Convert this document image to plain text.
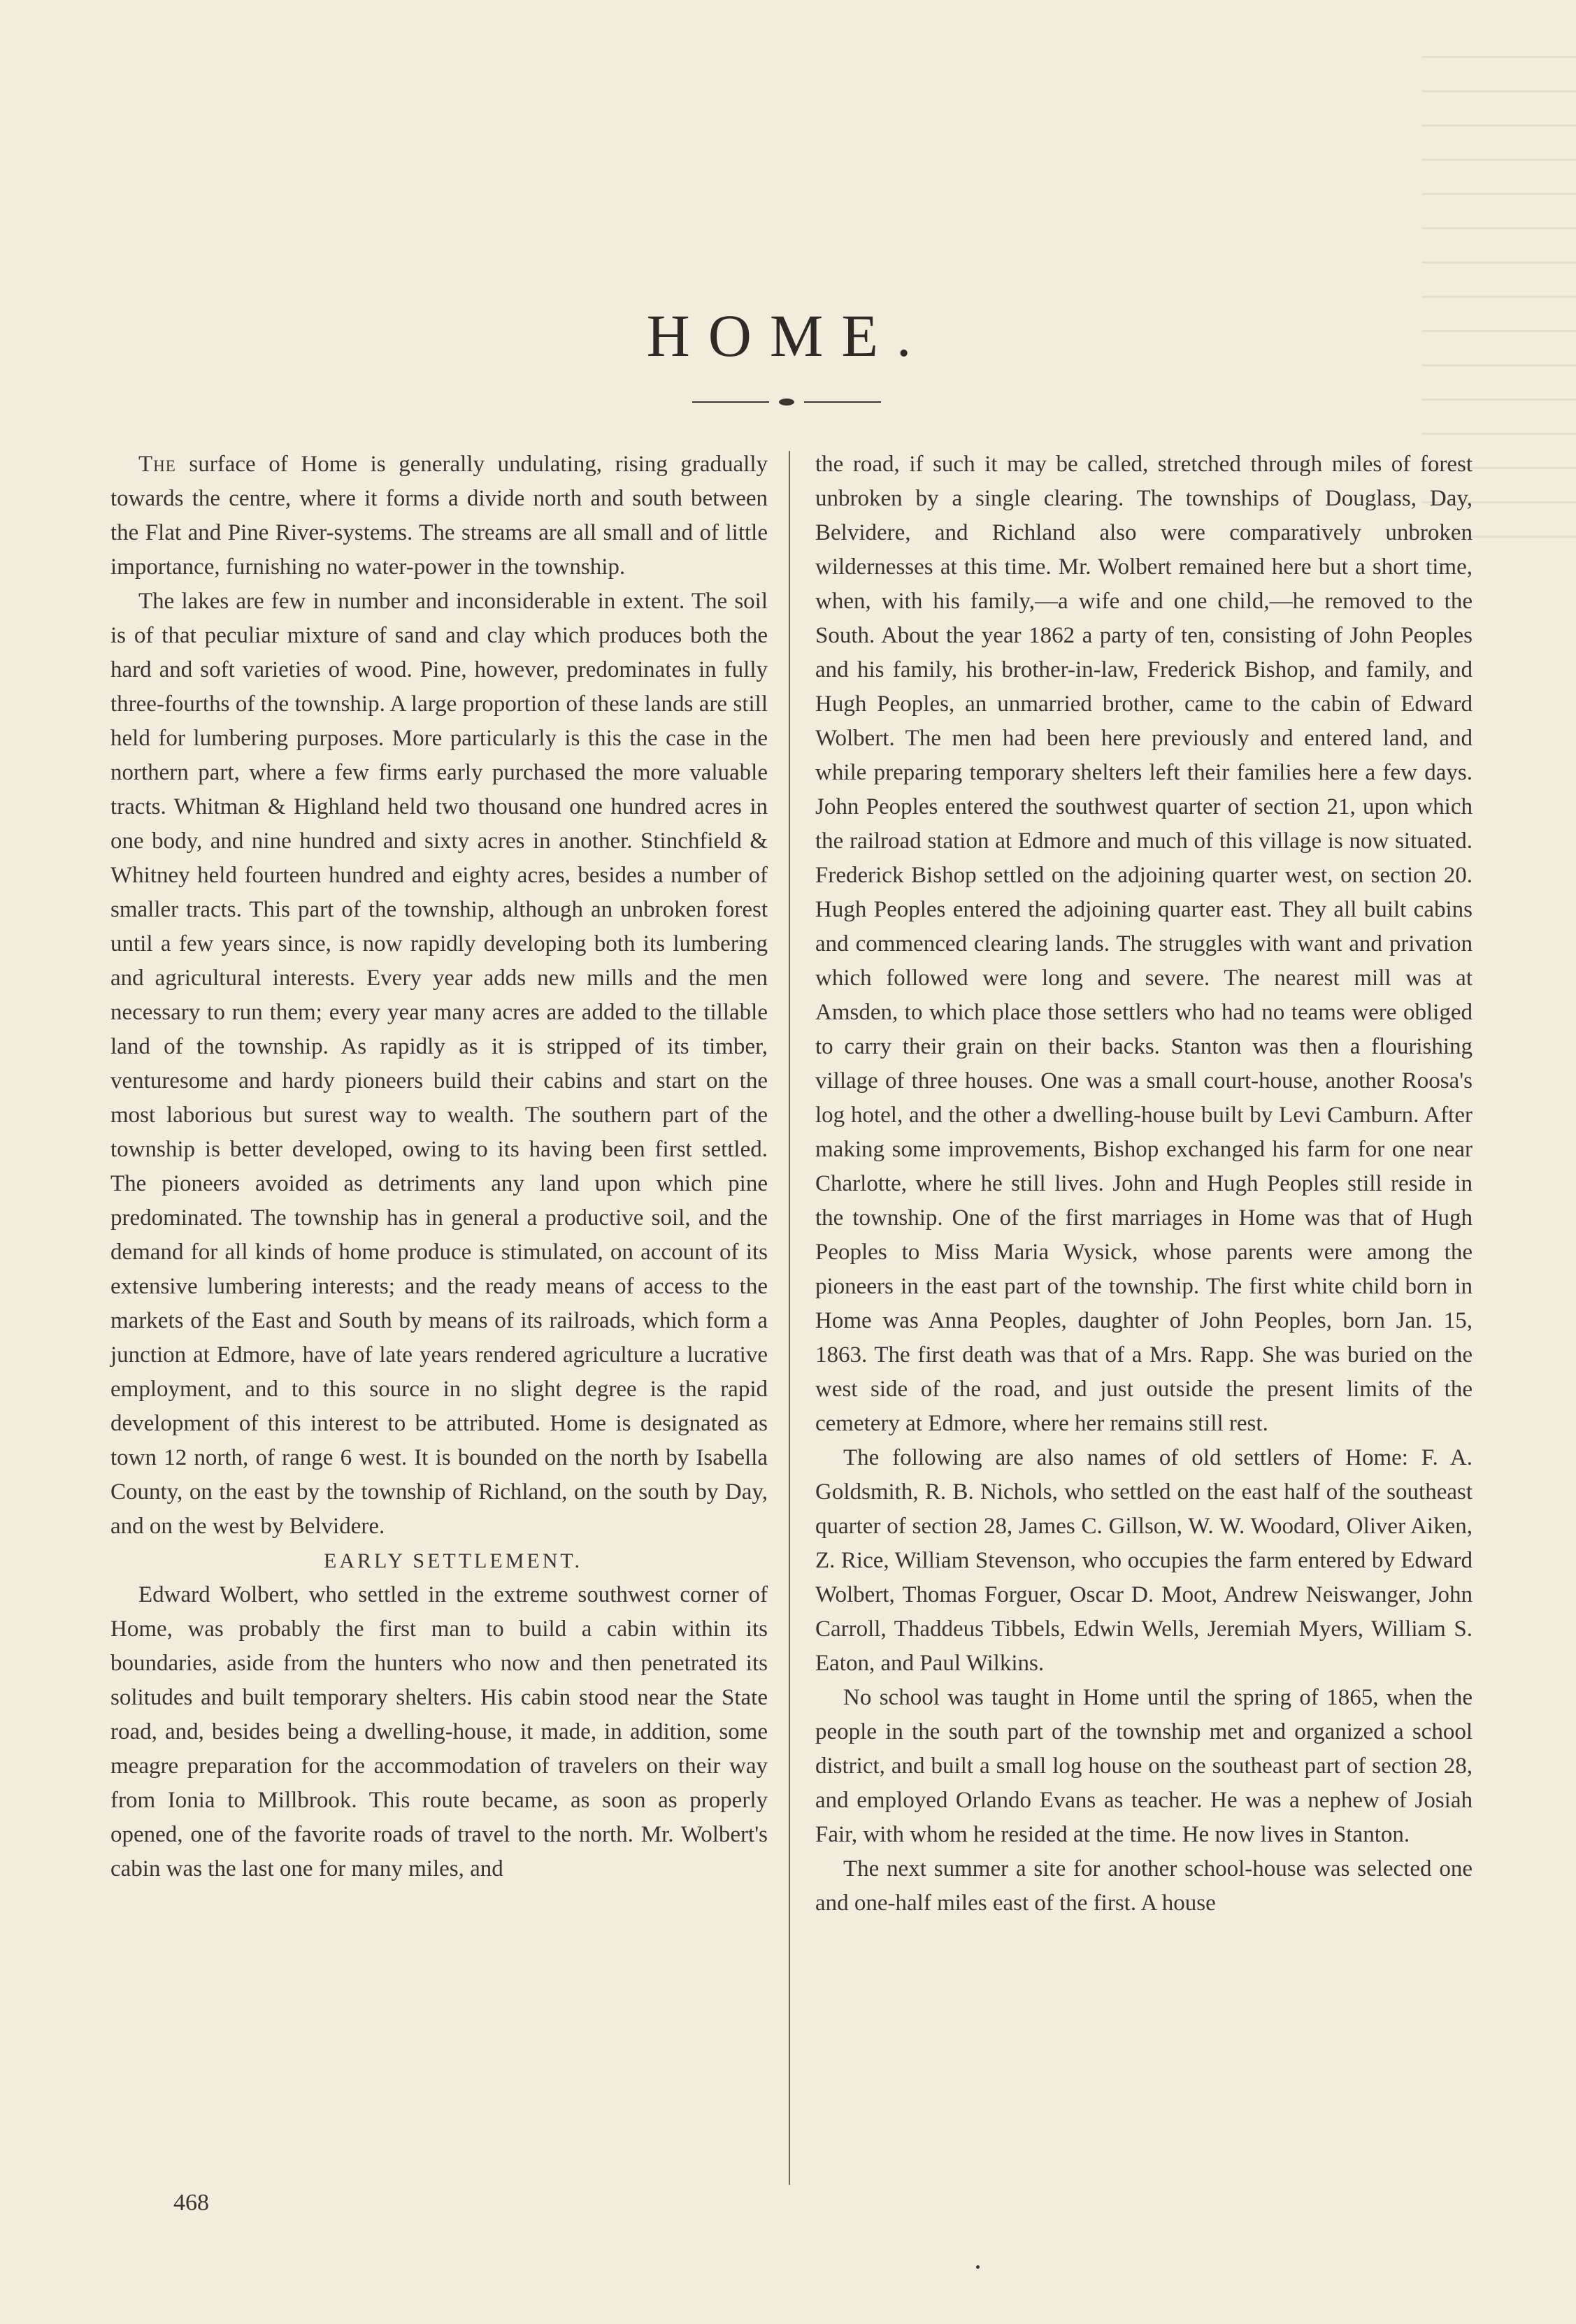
HOME.

The surface of Home is generally undulating, rising gradually towards the centre, where it forms a divide north and south between the Flat and Pine River-systems. The streams are all small and of little importance, furnishing no water-power in the township.

The lakes are few in number and inconsiderable in extent. The soil is of that peculiar mixture of sand and clay which produces both the hard and soft varieties of wood. Pine, however, predominates in fully three-fourths of the township. A large proportion of these lands are still held for lumbering purposes. More particularly is this the case in the northern part, where a few firms early purchased the more valuable tracts. Whitman & Highland held two thousand one hundred acres in one body, and nine hundred and sixty acres in another. Stinchfield & Whitney held fourteen hundred and eighty acres, besides a number of smaller tracts. This part of the township, although an unbroken forest until a few years since, is now rapidly developing both its lumbering and agricultural interests. Every year adds new mills and the men necessary to run them; every year many acres are added to the tillable land of the township. As rapidly as it is stripped of its timber, venturesome and hardy pioneers build their cabins and start on the most laborious but surest way to wealth. The southern part of the township is better developed, owing to its having been first settled. The pioneers avoided as detriments any land upon which pine predominated. The township has in general a productive soil, and the demand for all kinds of home produce is stimulated, on account of its extensive lumbering interests; and the ready means of access to the markets of the East and South by means of its railroads, which form a junction at Edmore, have of late years rendered agriculture a lucrative employment, and to this source in no slight degree is the rapid development of this interest to be attributed. Home is designated as town 12 north, of range 6 west. It is bounded on the north by Isabella County, on the east by the township of Richland, on the south by Day, and on the west by Belvidere.

EARLY SETTLEMENT.

Edward Wolbert, who settled in the extreme southwest corner of Home, was probably the first man to build a cabin within its boundaries, aside from the hunters who now and then penetrated its solitudes and built temporary shelters. His cabin stood near the State road, and, besides being a dwelling-house, it made, in addition, some meagre preparation for the accommodation of travelers on their way from Ionia to Millbrook. This route became, as soon as properly opened, one of the favorite roads of travel to the north. Mr. Wolbert's cabin was the last one for many miles, and

the road, if such it may be called, stretched through miles of forest unbroken by a single clearing. The townships of Douglass, Day, Belvidere, and Richland also were comparatively unbroken wildernesses at this time. Mr. Wolbert remained here but a short time, when, with his family,—a wife and one child,—he removed to the South. About the year 1862 a party of ten, consisting of John Peoples and his family, his brother-in-law, Frederick Bishop, and family, and Hugh Peoples, an unmarried brother, came to the cabin of Edward Wolbert. The men had been here previously and entered land, and while preparing temporary shelters left their families here a few days. John Peoples entered the southwest quarter of section 21, upon which the railroad station at Edmore and much of this village is now situated. Frederick Bishop settled on the adjoining quarter west, on section 20. Hugh Peoples entered the adjoining quarter east. They all built cabins and commenced clearing lands. The struggles with want and privation which followed were long and severe. The nearest mill was at Amsden, to which place those settlers who had no teams were obliged to carry their grain on their backs. Stanton was then a flourishing village of three houses. One was a small court-house, another Roosa's log hotel, and the other a dwelling-house built by Levi Camburn. After making some improvements, Bishop exchanged his farm for one near Charlotte, where he still lives. John and Hugh Peoples still reside in the township. One of the first marriages in Home was that of Hugh Peoples to Miss Maria Wysick, whose parents were among the pioneers in the east part of the township. The first white child born in Home was Anna Peoples, daughter of John Peoples, born Jan. 15, 1863. The first death was that of a Mrs. Rapp. She was buried on the west side of the road, and just outside the present limits of the cemetery at Edmore, where her remains still rest.

The following are also names of old settlers of Home: F. A. Goldsmith, R. B. Nichols, who settled on the east half of the southeast quarter of section 28, James C. Gillson, W. W. Woodard, Oliver Aiken, Z. Rice, William Stevenson, who occupies the farm entered by Edward Wolbert, Thomas Forguer, Oscar D. Moot, Andrew Neiswanger, John Carroll, Thaddeus Tibbels, Edwin Wells, Jeremiah Myers, William S. Eaton, and Paul Wilkins.

No school was taught in Home until the spring of 1865, when the people in the south part of the township met and organized a school district, and built a small log house on the southeast part of section 28, and employed Orlando Evans as teacher. He was a nephew of Josiah Fair, with whom he resided at the time. He now lives in Stanton.

The next summer a site for another school-house was selected one and one-half miles east of the first. A house

468
